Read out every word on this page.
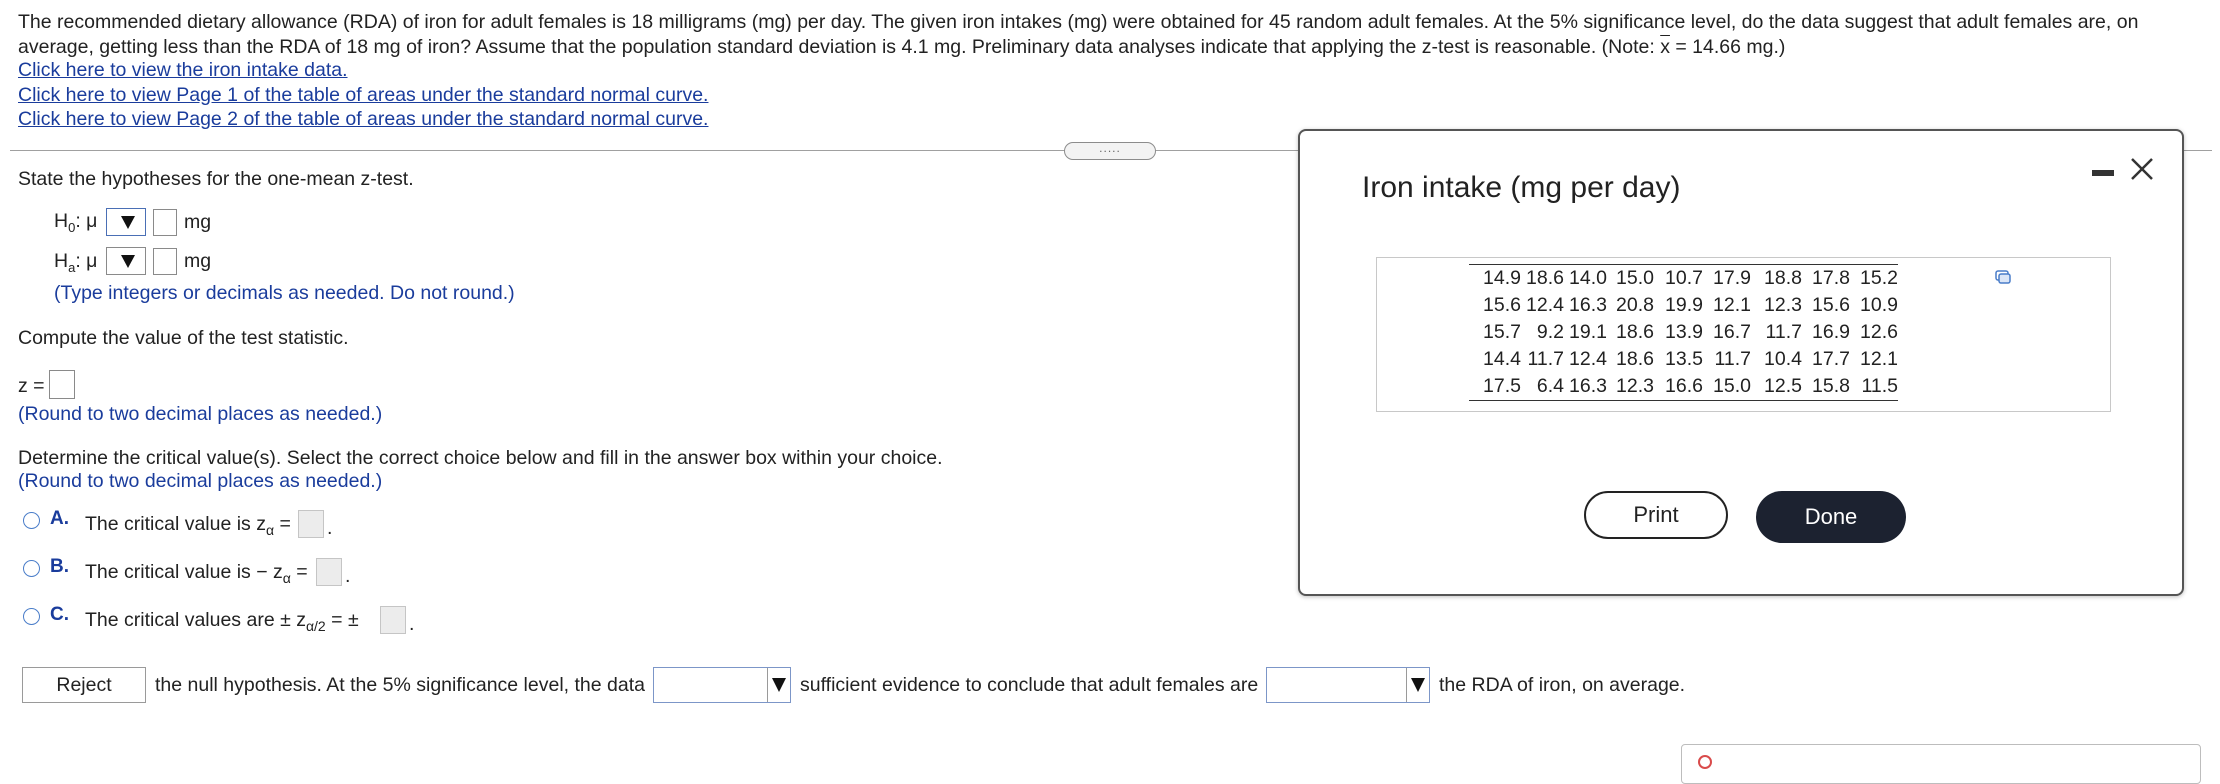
The recommended dietary allowance (RDA) of iron for adult females is 18 milligrams (mg) per day. The given iron intakes (mg) were obtained for 45 random adult females. At the 5% significance level, do the data suggest that adult females are, on average, getting less than the RDA of 18 mg of iron? Assume that the population standard deviation is 4.1 mg. Preliminary data analyses indicate that applying the z-test is reasonable. (Note: $\overline{x} = 14.66$ mg.)
Click here to view the iron intake data.
Click here to view Page 1 of the table of areas under the standard normal curve.
Click here to view Page 2 of the table of areas under the standard normal curve.
.....
State the hypotheses for the one-mean z-test.
$H_0$: μ	mg
$H_a$: μ	mg
(Type integers or decimals as needed. Do not round.)
Compute the value of the test statistic.
z =
(Round to two decimal places as needed.)
Determine the critical value(s). Select the correct choice below and fill in the answer box within your choice.
(Round to two decimal places as needed.)
A. The critical value is $z_\alpha$ = .
B. The critical value is − $z_\alpha$ = .
C. The critical values are ± $z_{\alpha/2}$ = ±	.
Reject	the null hypothesis. At the 5% significance level, the data	sufficient evidence to conclude that adult females are	the RDA of iron, on average.
Iron intake (mg per day)
14.9	18.6	14.0	15.0	10.7	17.9	18.8	17.8	15.2
15.6	12.4	16.3	20.8	19.9	12.1	12.3	15.6	10.9
15.7	9.2	19.1	18.6	13.9	16.7	11.7	16.9	12.6
14.4	11.7	12.4	18.6	13.5	11.7	10.4	17.7	12.1
17.5	6.4	16.3	12.3	16.6	15.0	12.5	15.8	11.5
Print	Done
